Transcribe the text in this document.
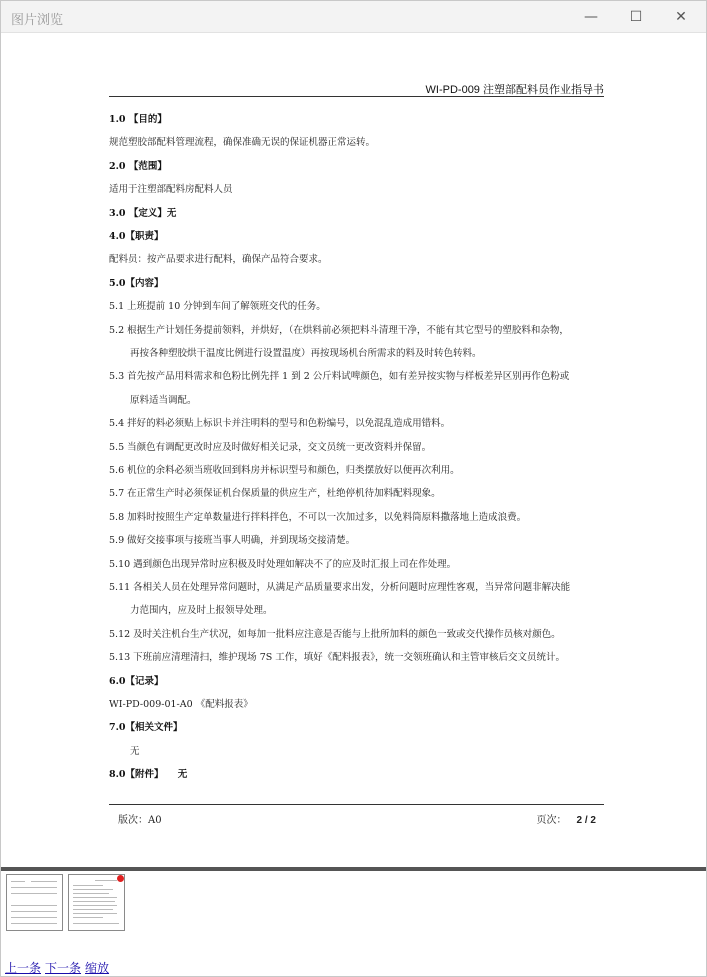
图片浏览	—	☐	✕
WI-PD-009 注塑部配料员作业指导书
1.0 【目的】
规范塑胶部配料管理流程，确保准确无误的保证机器正常运转。
2.0 【范围】
适用于注塑部配料房配料人员
3.0 【定义】无
4.0【职责】
配料员：按产品要求进行配料，确保产品符合要求。
5.0【内容】
5.1 上班提前 10 分钟到车间了解领班交代的任务。
5.2 根据生产计划任务提前领料，并烘好，（在烘料前必须把料斗清理干净，不能有其它型号的塑胶料和杂物，
再按各种塑胶烘干温度比例进行设置温度）再按现场机台所需求的料及时转色转料。
5.3 首先按产品用料需求和色粉比例先拌 1 到 2 公斤料试啤颜色，如有差异按实物与样板差异区别再作色粉或
原料适当调配。
5.4 拌好的料必须贴上标识卡并注明料的型号和色粉编号，以免混乱造成用错料。
5.5 当颜色有调配更改时应及时做好相关记录，交文员统一更改资料并保留。
5.6 机位的余料必须当班收回到料房并标识型号和颜色，归类摆放好以便再次利用。
5.7 在正常生产时必须保证机台保质量的供应生产，杜绝停机待加料配料现象。
5.8 加料时按照生产定单数量进行拌料拌色，不可以一次加过多，以免料筒原料撒落地上造成浪费。
5.9 做好交接事项与接班当事人明确，并到现场交接清楚。
5.10 遇到颜色出现异常时应积极及时处理如解决不了的应及时汇报上司在作处理。
5.11 各相关人员在处理异常问题时，从满足产品质量要求出发，分析问题时应理性客观，当异常问题非解决能
力范围内，应及时上报领导处理。
5.12 及时关注机台生产状况，如每加一批料应注意是否能与上批所加料的颜色一致或交代操作员核对颜色。
5.13 下班前应清理清扫，维护现场 7S 工作，填好《配料报表》，统一交领班确认和主管审核后交文员统计。
6.0【记录】
WI-PD-009-01-A0 《配料报表》
7.0【相关文件】
无
8.0【附件】　　无
版次：A0	页次： 2 / 2
上一条 下一条 缩放
